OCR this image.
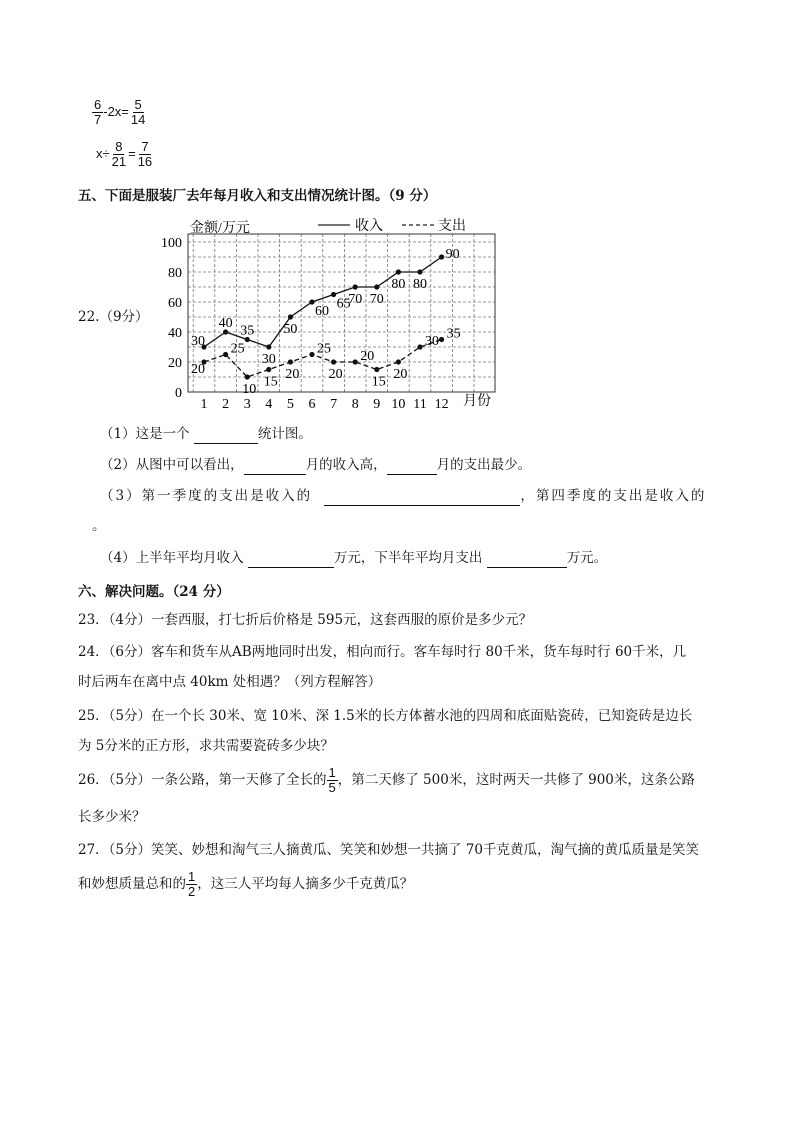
$\frac{6}{7} -2x= \frac{5}{14}$
$x\div \frac{8}{21} = \frac{7}{16}$
五、下面是服装厂去年每月收入和支出情况统计图。（9 分）
金额/万元
月份
收入	支出
0
20
40
60
80
100
1 2 3 4 5 6 7 8 9 10 11 12
30
40 35
30
50
60 65
70 70
80 80
90
20
25
10 15 20
25
20
20
15 20
30 35
22.（9分）
（1）这是一个	统计图。
（2）从图中可以看出，	月的收入高，	月的支出最少。
（3）第一季度的支出是收入的	，第四季度的支出是收入的
。
（4）上半年平均月收入	万元，下半年平均月支出	万元。
六、解决问题。（24 分）
23．（4分）一套西服，打七折后价格是 595元，这套西服的原价是多少元？
24．（6分）客车和货车从AB两地同时出发，相向而行。客车每时行 80千米，货车每时行 60千米，几
时后两车在离中点 40km 处相遇？（列方程解答）
25．（5分）在一个长 30米、宽 10米、深 1.5米的长方体蓄水池的四周和底面贴瓷砖，已知瓷砖是边长
为 5分米的正方形，求共需要瓷砖多少块？
26．（5分）一条公路，第一天修了全长的 $\frac{1}{5}$ ，第二天修了 500米，这时两天一共修了 900米，这条公路
长多少米？
27．（5分）笑笑、妙想和淘气三人摘黄瓜、笑笑和妙想一共摘了 70千克黄瓜，淘气摘的黄瓜质量是笑笑
和妙想质量总和的 $\frac{1}{2}$ ，这三人平均每人摘多少千克黄瓜？
